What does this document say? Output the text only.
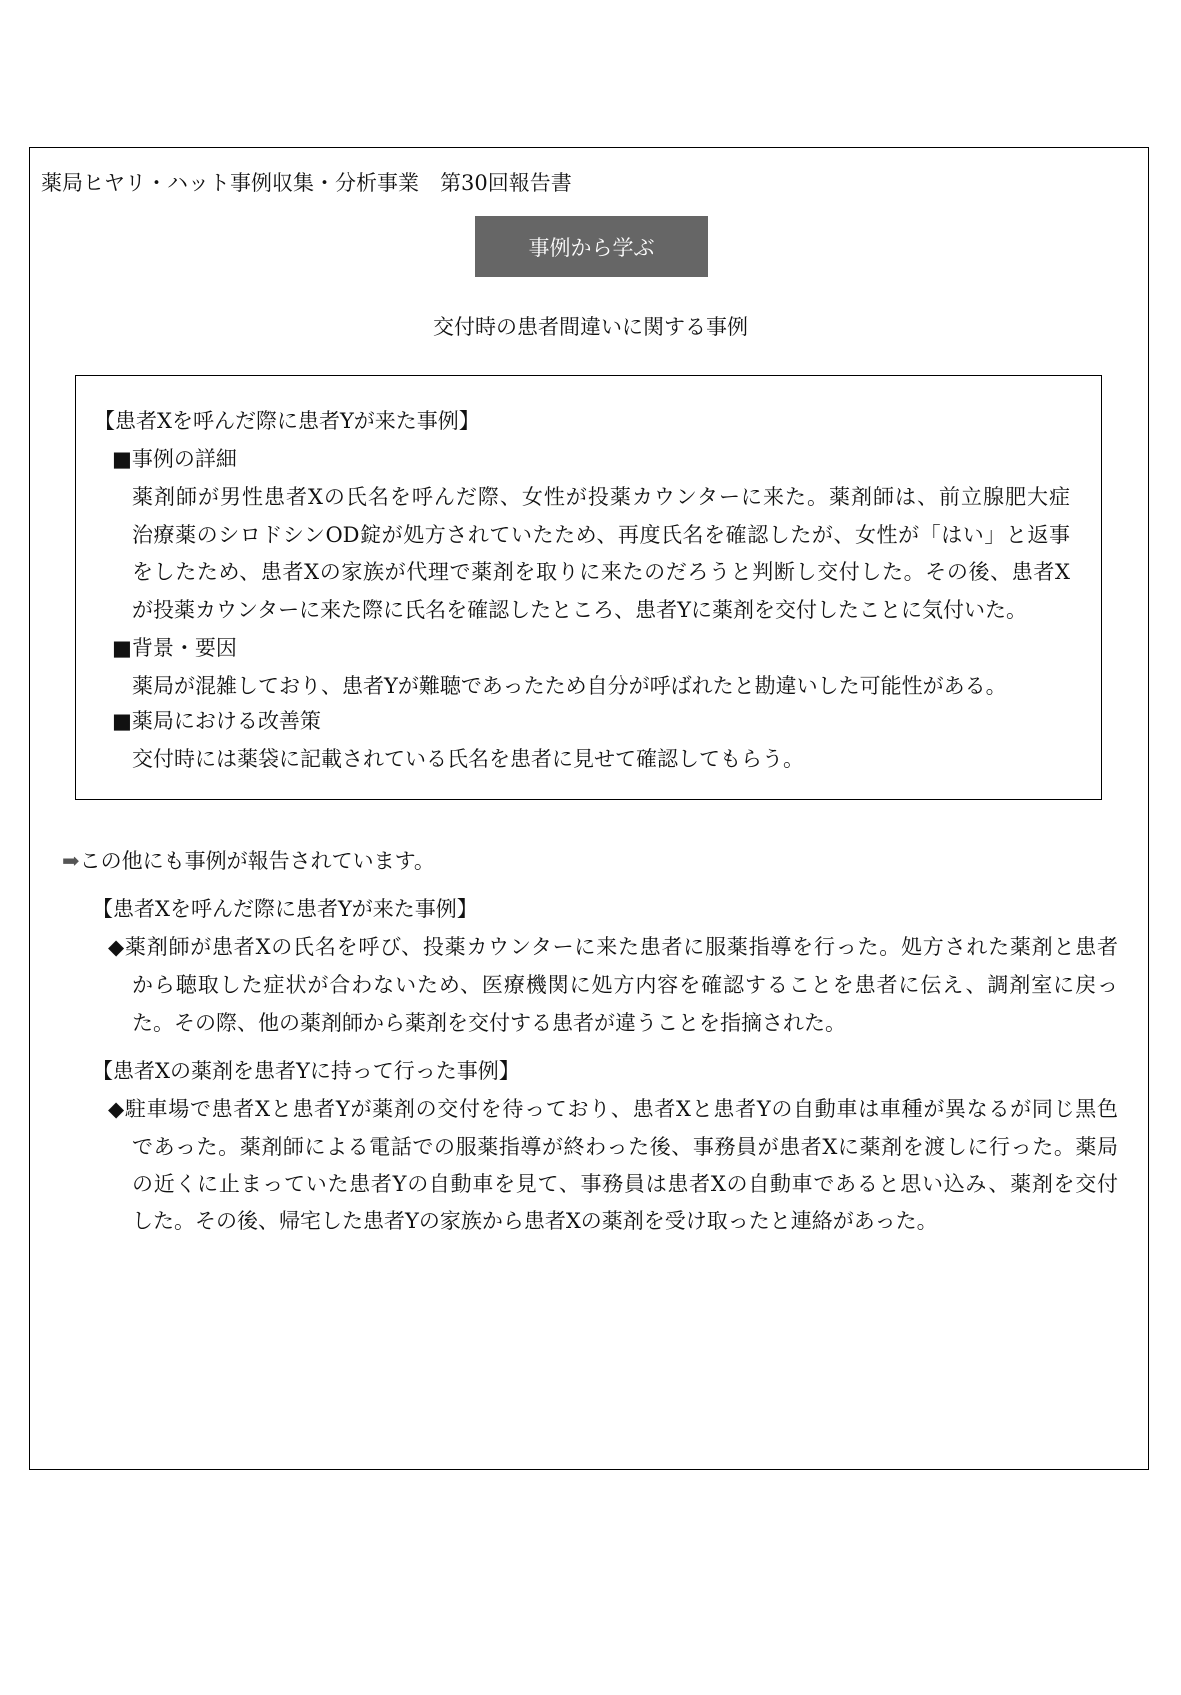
薬局ヒヤリ・ハット事例収集・分析事業　第30回報告書
事例から学ぶ
交付時の患者間違いに関する事例
【患者Xを呼んだ際に患者Yが来た事例】
■事例の詳細
薬剤師が男性患者Xの氏名を呼んだ際、女性が投薬カウンターに来た。薬剤師は、前立腺肥大症
治療薬のシロドシンOD錠が処方されていたため、再度氏名を確認したが、女性が「はい」と返事
をしたため、患者Xの家族が代理で薬剤を取りに来たのだろうと判断し交付した。その後、患者X
が投薬カウンターに来た際に氏名を確認したところ、患者Yに薬剤を交付したことに気付いた。
■背景・要因
薬局が混雑しており、患者Yが難聴であったため自分が呼ばれたと勘違いした可能性がある。
■薬局における改善策
交付時には薬袋に記載されている氏名を患者に見せて確認してもらう。
➡この他にも事例が報告されています。
【患者Xを呼んだ際に患者Yが来た事例】
◆薬剤師が患者Xの氏名を呼び、投薬カウンターに来た患者に服薬指導を行った。処方された薬剤と患者
から聴取した症状が合わないため、医療機関に処方内容を確認することを患者に伝え、調剤室に戻っ
た。その際、他の薬剤師から薬剤を交付する患者が違うことを指摘された。
【患者Xの薬剤を患者Yに持って行った事例】
◆駐車場で患者Xと患者Yが薬剤の交付を待っており、患者Xと患者Yの自動車は車種が異なるが同じ黒色
であった。薬剤師による電話での服薬指導が終わった後、事務員が患者Xに薬剤を渡しに行った。薬局
の近くに止まっていた患者Yの自動車を見て、事務員は患者Xの自動車であると思い込み、薬剤を交付
した。その後、帰宅した患者Yの家族から患者Xの薬剤を受け取ったと連絡があった。
